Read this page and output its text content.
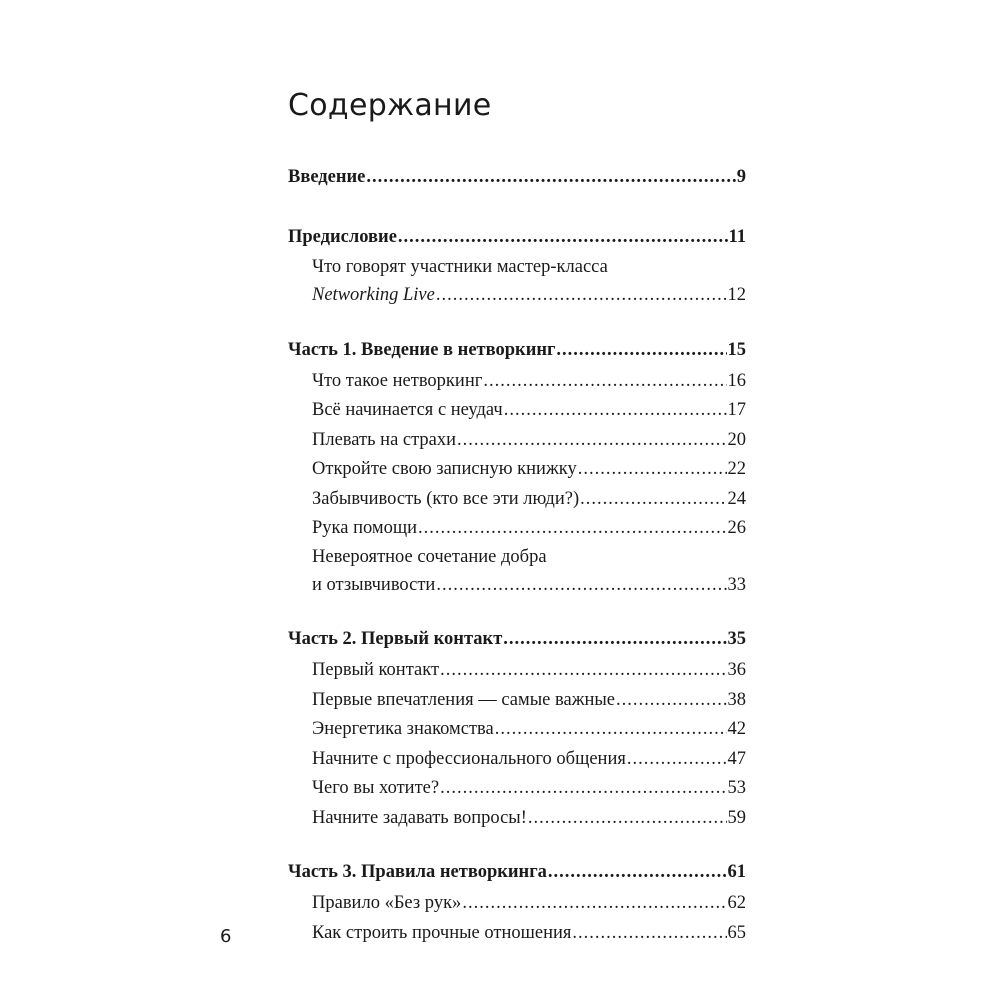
Содержание
Введение .....	9
Предисловие .....	11
Что говорят участники мастер-класса
Networking Live .....	12
Часть 1. Введение в нетворкинг .....	15
Что такое нетворкинг .....	16
Всё начинается с неудач .....	17
Плевать на страхи .....	20
Откройте свою записную книжку .....	22
Забывчивость (кто все эти люди?) .....	24
Рука помощи .....	26
Невероятное сочетание добра
и отзывчивости .....	33
Часть 2. Первый контакт .....	35
Первый контакт .....	36
Первые впечатления — самые важные .....	38
Энергетика знакомства .....	42
Начните с профессионального общения .....	47
Чего вы хотите? .....	53
Начните задавать вопросы! .....	59
Часть 3. Правила нетворкинга .....	61
Правило «Без рук» .....	62
Как строить прочные отношения .....	65
6
